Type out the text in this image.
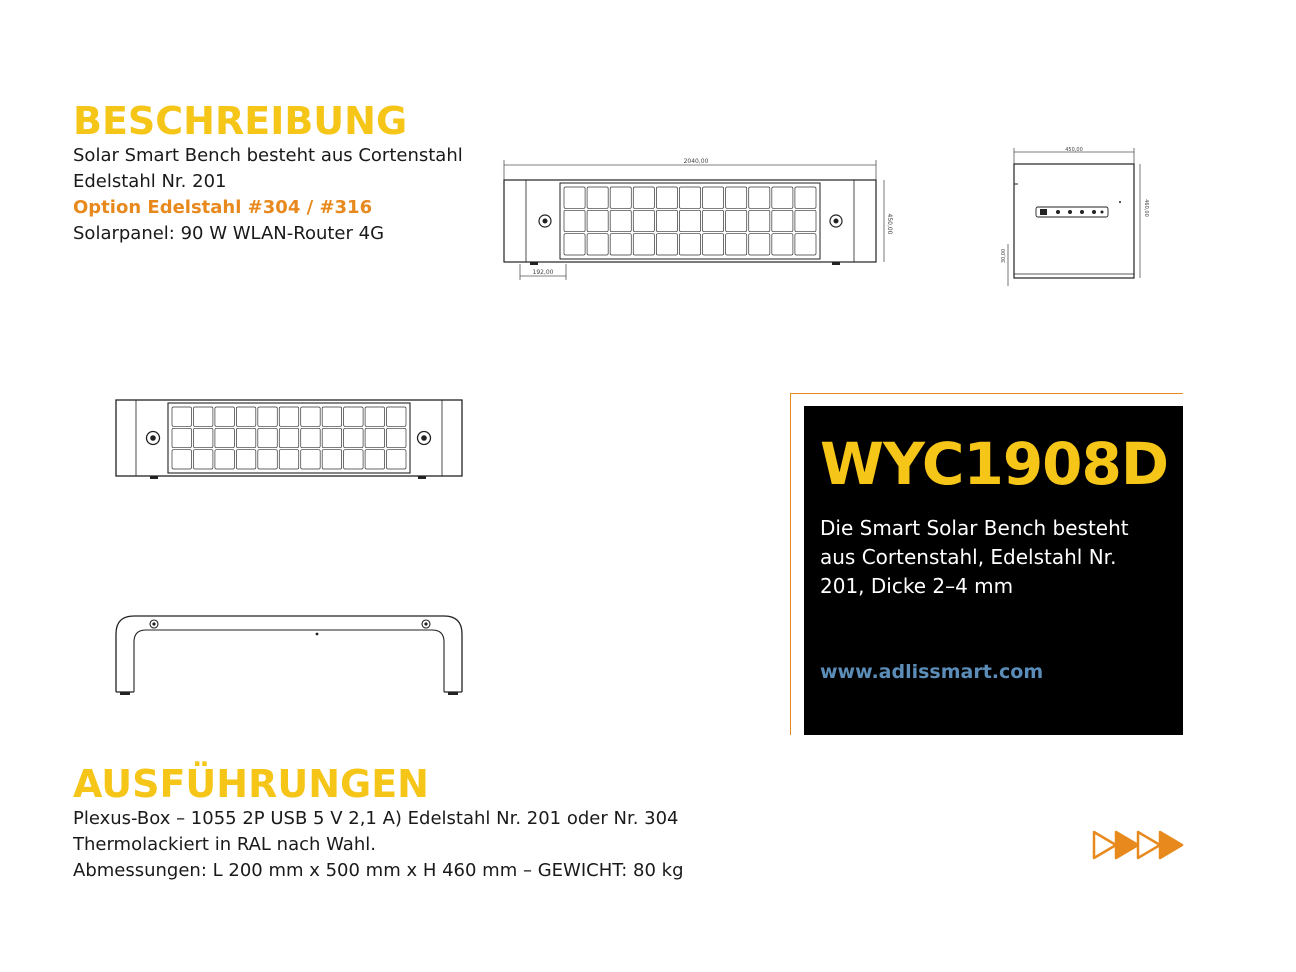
BESCHREIBUNG
Solar Smart Bench besteht aus Cortenstahl
Edelstahl Nr. 201
Option Edelstahl #304 / #316
Solarpanel: 90 W WLAN-Router 4G
2040,00
450,00
192,00
450,00
460,00
30,00
WYC1908D
Die Smart Solar Bench besteht aus Cortenstahl, Edelstahl Nr. 201, Dicke 2–4 mm
www.adlissmart.com
AUSFÜHRUNGEN
Plexus-Box – 1055 2P USB 5 V 2,1 A) Edelstahl Nr. 201 oder Nr. 304
Thermolackiert in RAL nach Wahl.
Abmessungen: L 200 mm x 500 mm x H 460 mm – GEWICHT: 80 kg
